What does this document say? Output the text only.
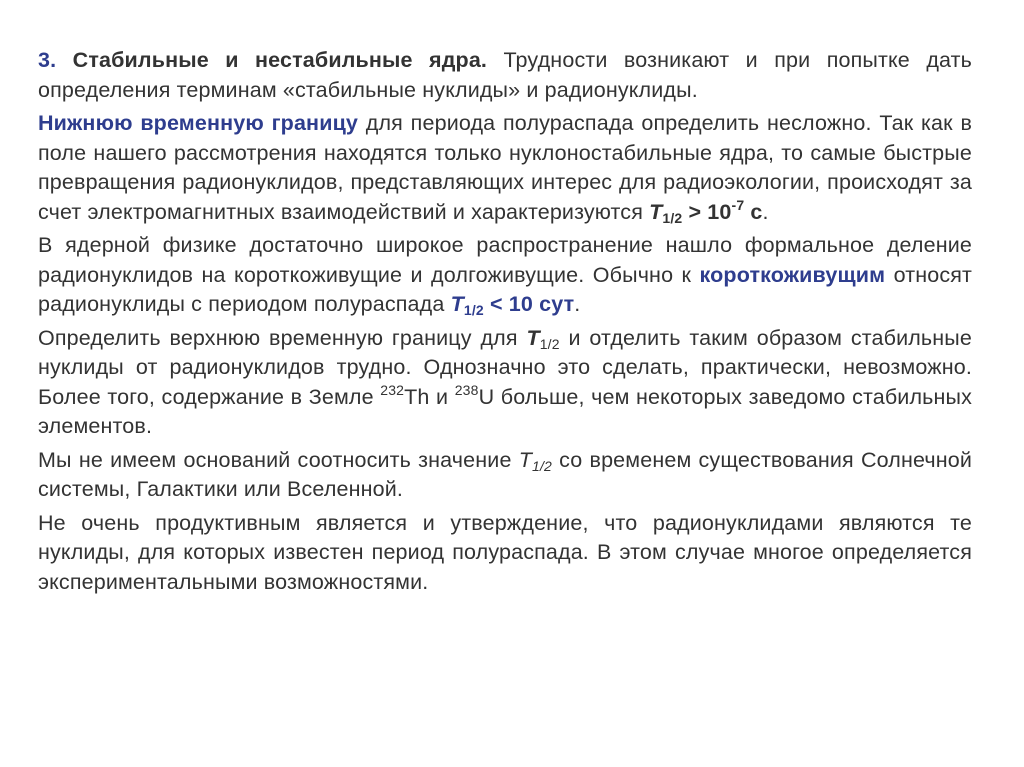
3. Стабильные и нестабильные ядра. Трудности возникают и при попытке дать определения терминам «стабильные нуклиды» и радионуклиды.

Нижнюю временную границу для периода полураспада определить несложно. Так как в поле нашего рассмотрения находятся только нуклоностабильные ядра, то самые быстрые превращения радионуклидов, представляющих интерес для радиоэкологии, происходят за счет электромагнитных взаимодействий и характеризуются $T_{1/2} > 10^{-7}$ с.

В ядерной физике достаточно широкое распространение нашло формальное деление радионуклидов на короткоживущие и долгоживущие. Обычно к короткоживущим относят радионуклиды с периодом полураспада $T_{1/2} < 10$ сут.

Определить верхнюю временную границу для $T_{1/2}$ и отделить таким образом стабильные нуклиды от радионуклидов трудно. Однозначно это сделать, практически, невозможно. Более того, содержание в Земле $^{232}$Th и $^{238}$U больше, чем некоторых заведомо стабильных элементов.

Мы не имеем оснований соотносить значение $T_{1/2}$ со временем существования Солнечной системы, Галактики или Вселенной.

Не очень продуктивным является и утверждение, что радионуклидами являются те нуклиды, для которых известен период полураспада. В этом случае многое определяется экспериментальными возможностями.
